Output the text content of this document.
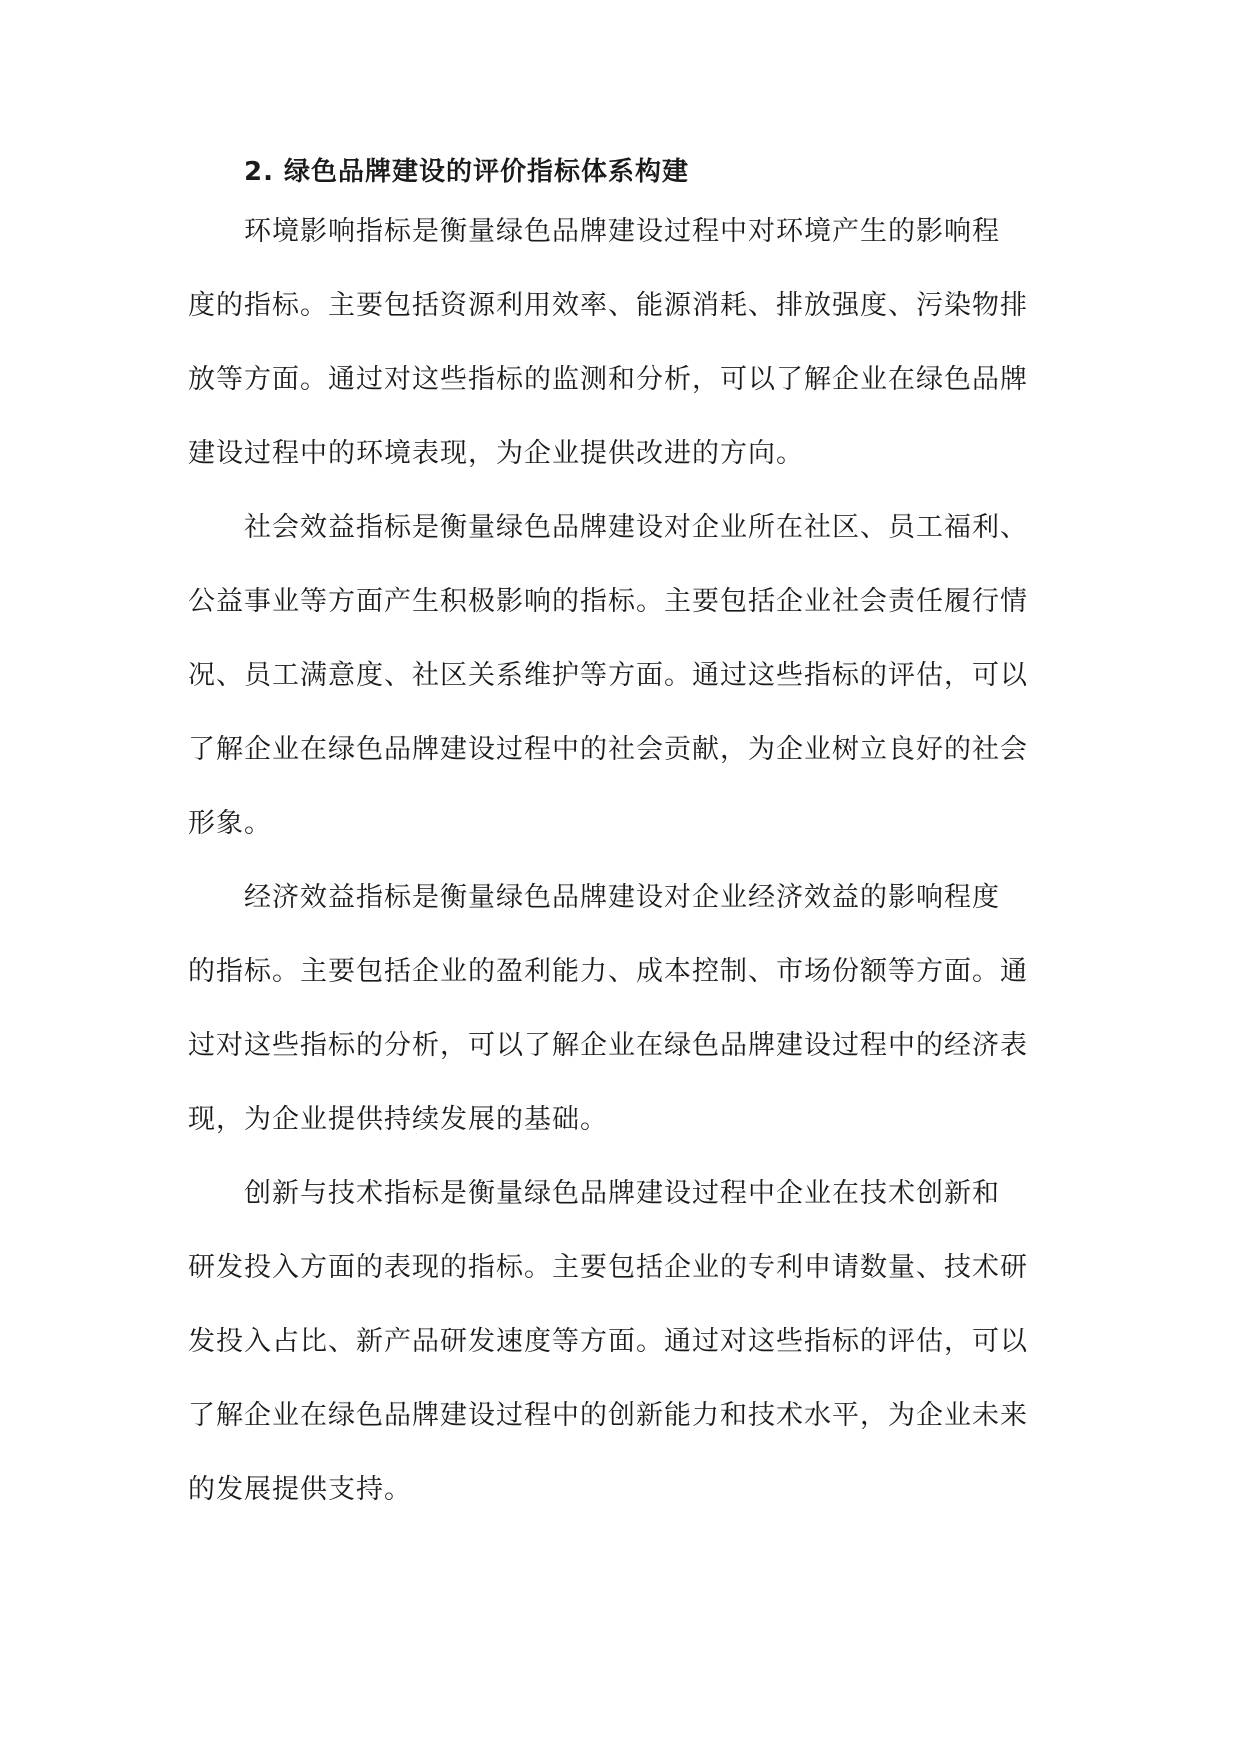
2. 绿色品牌建设的评价指标体系构建
环境影响指标是衡量绿色品牌建设过程中对环境产生的影响程
度的指标。主要包括资源利用效率、能源消耗、排放强度、污染物排
放等方面。通过对这些指标的监测和分析，可以了解企业在绿色品牌
建设过程中的环境表现，为企业提供改进的方向。
社会效益指标是衡量绿色品牌建设对企业所在社区、员工福利、
公益事业等方面产生积极影响的指标。主要包括企业社会责任履行情
况、员工满意度、社区关系维护等方面。通过这些指标的评估，可以
了解企业在绿色品牌建设过程中的社会贡献，为企业树立良好的社会
形象。
经济效益指标是衡量绿色品牌建设对企业经济效益的影响程度
的指标。主要包括企业的盈利能力、成本控制、市场份额等方面。通
过对这些指标的分析，可以了解企业在绿色品牌建设过程中的经济表
现，为企业提供持续发展的基础。
创新与技术指标是衡量绿色品牌建设过程中企业在技术创新和
研发投入方面的表现的指标。主要包括企业的专利申请数量、技术研
发投入占比、新产品研发速度等方面。通过对这些指标的评估，可以
了解企业在绿色品牌建设过程中的创新能力和技术水平，为企业未来
的发展提供支持。
